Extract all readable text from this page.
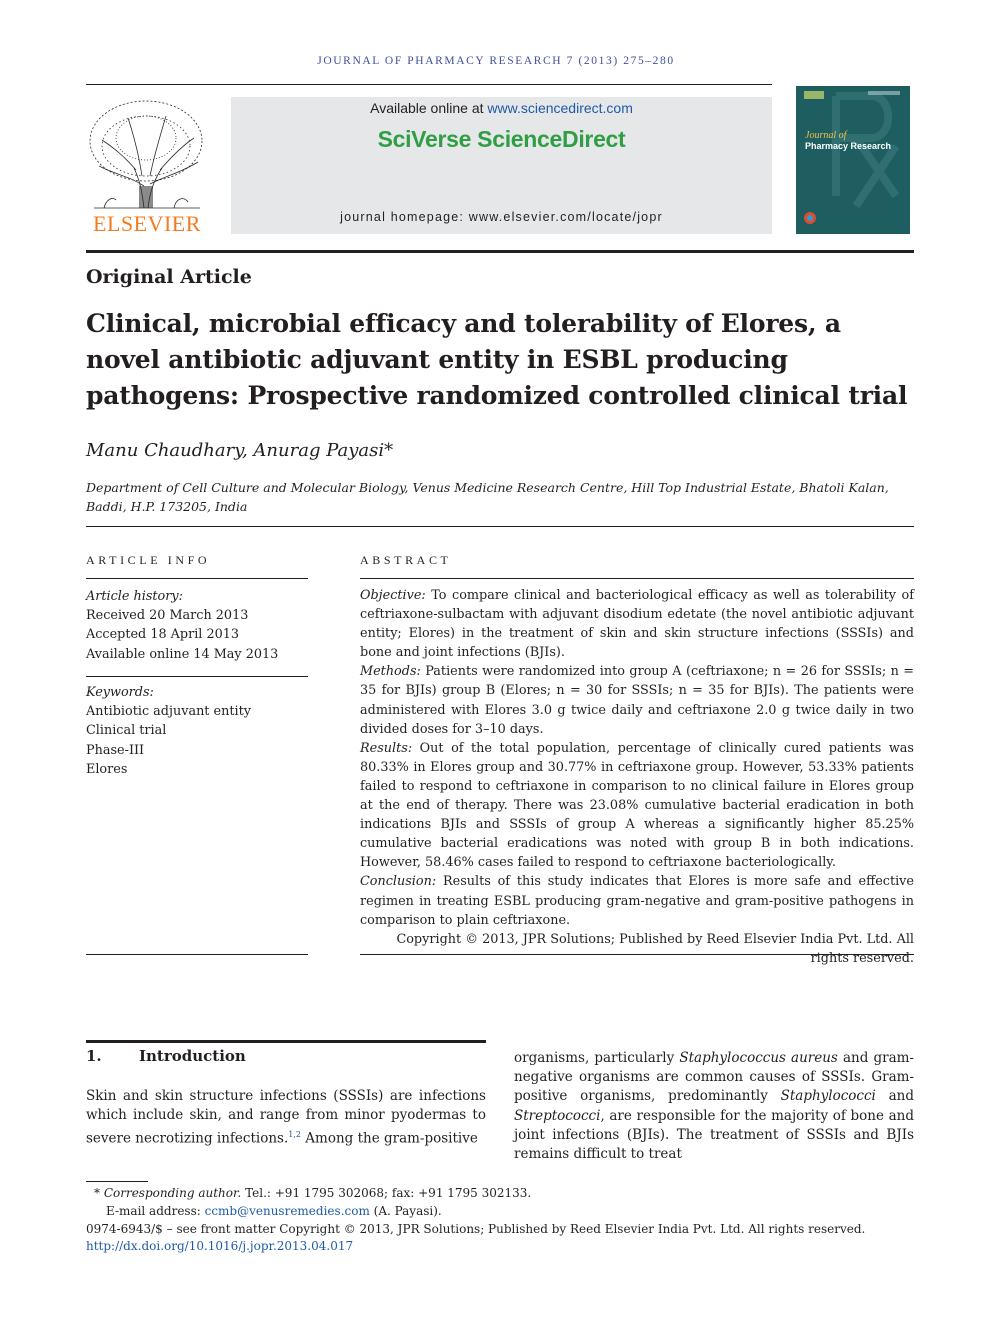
JOURNAL OF PHARMACY RESEARCH 7 (2013) 275–280
ELSEVIER
Available online at www.sciencedirect.com
SciVerse ScienceDirect
journal homepage: www.elsevier.com/locate/jopr
Journal of
Pharmacy Research
Original Article
Clinical, microbial efficacy and tolerability of Elores, a novel antibiotic adjuvant entity in ESBL producing pathogens: Prospective randomized controlled clinical trial
Manu Chaudhary, Anurag Payasi*
Department of Cell Culture and Molecular Biology, Venus Medicine Research Centre, Hill Top Industrial Estate, Bhatoli Kalan, Baddi, H.P. 173205, India
ARTICLE INFO
Article history:
Received 20 March 2013
Accepted 18 April 2013
Available online 14 May 2013
Keywords:
Antibiotic adjuvant entity
Clinical trial
Phase-III
Elores
ABSTRACT

Objective: To compare clinical and bacteriological efficacy as well as tolerability of ceftriaxone-sulbactam with adjuvant disodium edetate (the novel antibiotic adjuvant entity; Elores) in the treatment of skin and skin structure infections (SSSIs) and bone and joint infections (BJIs).

Methods: Patients were randomized into group A (ceftriaxone; n = 26 for SSSIs; n = 35 for BJIs) group B (Elores; n = 30 for SSSIs; n = 35 for BJIs). The patients were administered with Elores 3.0 g twice daily and ceftriaxone 2.0 g twice daily in two divided doses for 3–10 days.

Results: Out of the total population, percentage of clinically cured patients was 80.33% in Elores group and 30.77% in ceftriaxone group. However, 53.33% patients failed to respond to ceftriaxone in comparison to no clinical failure in Elores group at the end of therapy. There was 23.08% cumulative bacterial eradication in both indications BJIs and SSSIs of group A whereas a significantly higher 85.25% cumulative bacterial eradications was noted with group B in both indications. However, 58.46% cases failed to respond to ceftriaxone bacteriologically.

Conclusion: Results of this study indicates that Elores is more safe and effective regimen in treating ESBL producing gram-negative and gram-positive pathogens in comparison to plain ceftriaxone.

Copyright © 2013, JPR Solutions; Published by Reed Elsevier India Pvt. Ltd. All rights reserved.

1. Introduction
Skin and skin structure infections (SSSIs) are infections which include skin, and range from minor pyodermas to severe necrotizing infections.$^{1,2}$ Among the gram-positive
organisms, particularly Staphylococcus aureus and gram-negative organisms are common causes of SSSIs. Gram-positive organisms, predominantly Staphylococci and Streptococci, are responsible for the majority of bone and joint infections (BJIs). The treatment of SSSIs and BJIs remains difficult to treat
* Corresponding author. Tel.: +91 1795 302068; fax: +91 1795 302133.
E-mail address: ccmb@venusremedies.com (A. Payasi).
0974-6943/$ – see front matter Copyright © 2013, JPR Solutions; Published by Reed Elsevier India Pvt. Ltd. All rights reserved.
http://dx.doi.org/10.1016/j.jopr.2013.04.017
